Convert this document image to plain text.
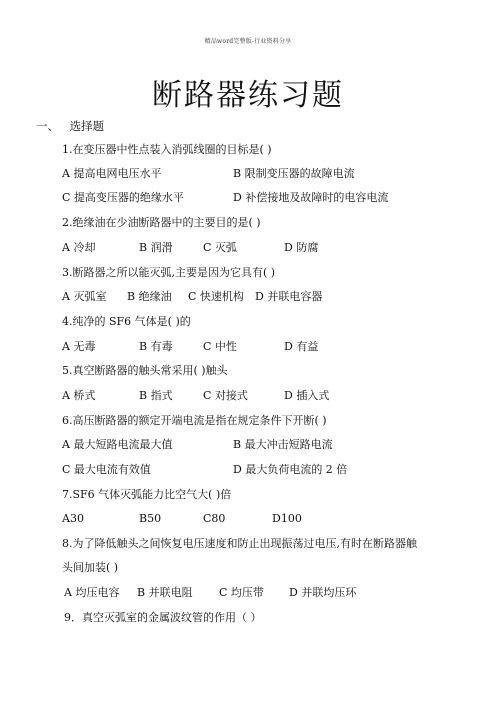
精品word完整版-行业资料分享
断路器练习题
一、 选择题
1.在变压器中性点装入消弧线圈的目标是( )
A 提高电网电压水平	B 限制变压器的故障电流
C 提高变压器的绝缘水平	D 补偿接地及故障时的电容电流
2.绝缘油在少油断路器中的主要目的是( )
A 冷却	B 润滑	C 灭弧	D 防腐
3.断路器之所以能灭弧,主要是因为它具有( )
A 灭弧室 B 绝缘油 C 快速机构 D 并联电容器
4.纯净的 SF6 气体是( )的
A 无毒	B 有毒	C 中性	D 有益
5.真空断路器的触头常采用( )触头
A 桥式	B 指式	C 对接式	D 插入式
6.高压断路器的额定开端电流是指在规定条件下开断( )
A 最大短路电流最大值	B 最大冲击短路电流
C 最大电流有效值	D 最大负荷电流的 2 倍
7.SF6 气体灭弧能力比空气大( )倍
A30	B50	C80	D100
8.为了降低触头之间恢复电压速度和防止出现振荡过电压,有时在断路器触
头间加装( )
A 均压电容 B 并联电阻 C 均压带 D 并联均压环
9．真空灭弧室的金属波纹管的作用（ ）
